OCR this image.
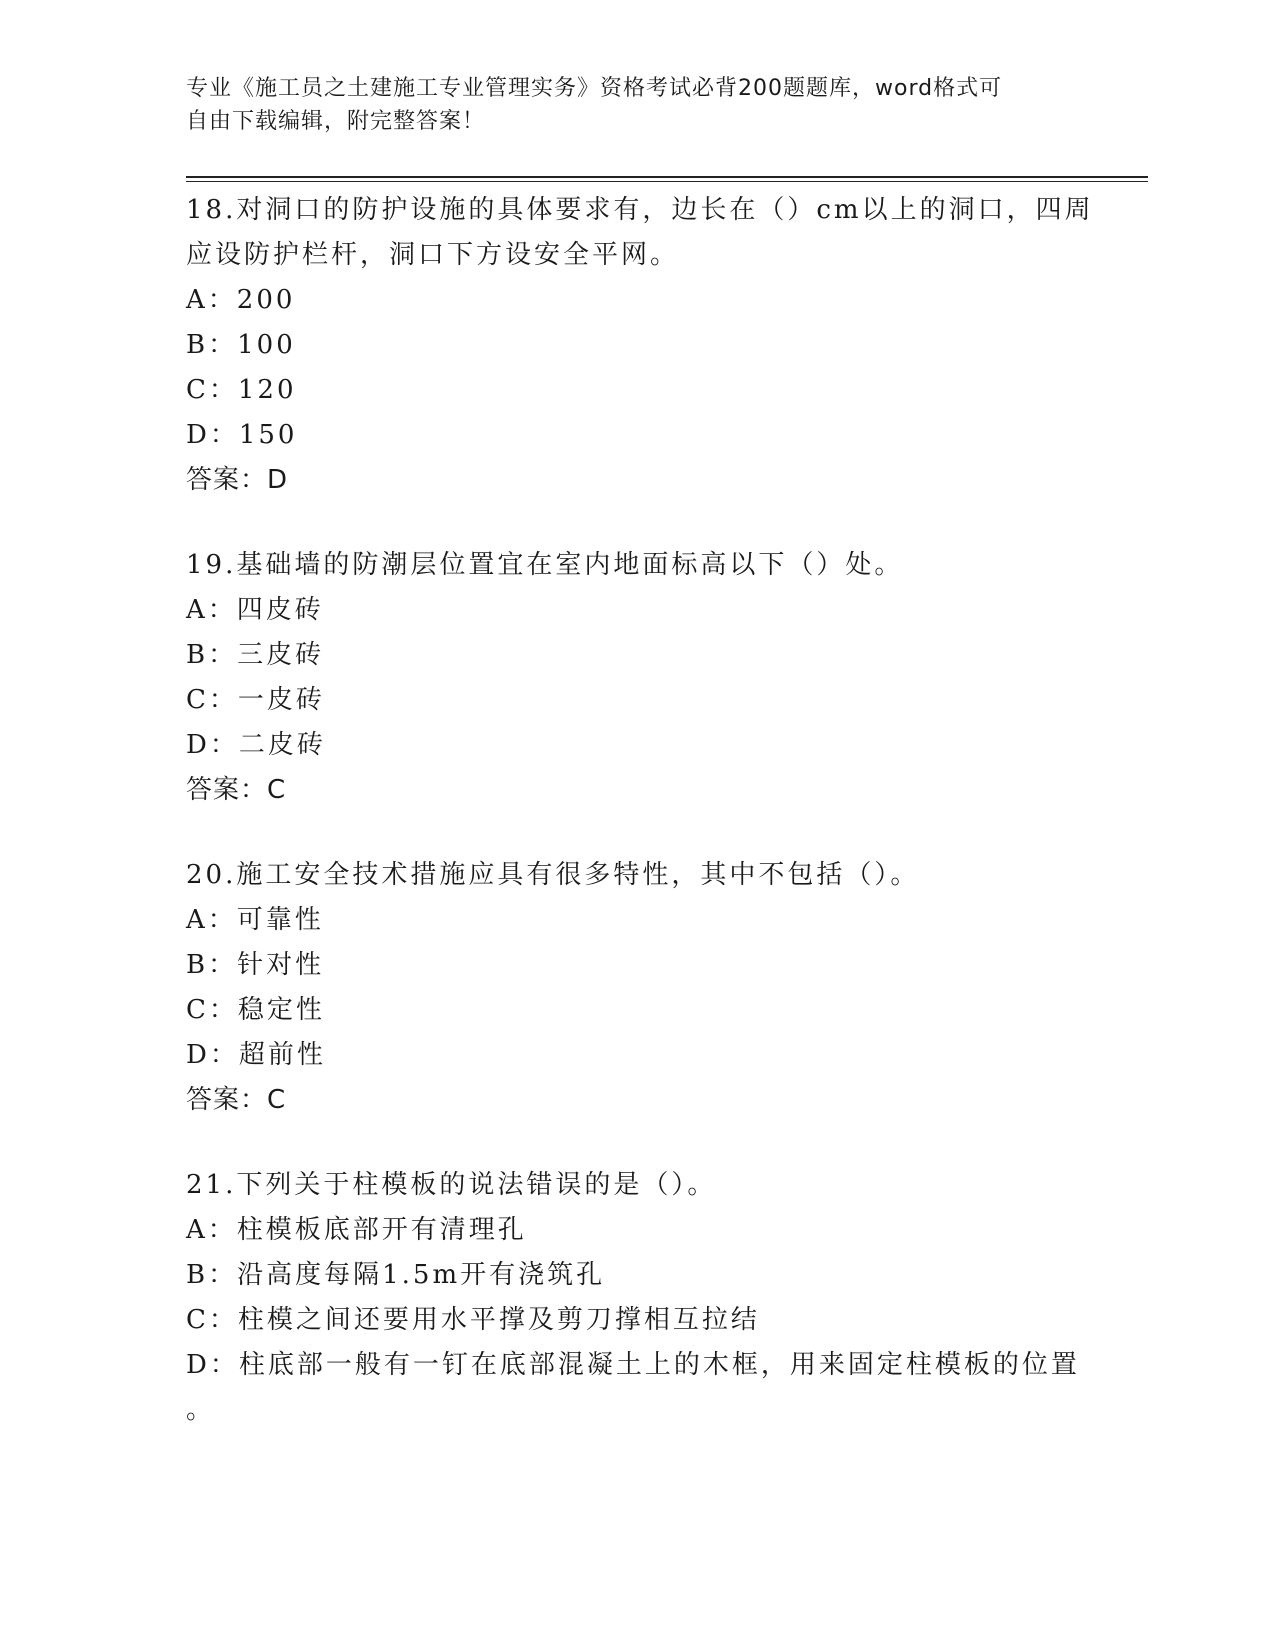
专业《施工员之土建施工专业管理实务》资格考试必背200题题库，word格式可
自由下载编辑，附完整答案！
18.对洞口的防护设施的具体要求有，边长在（）cm以上的洞口，四周
应设防护栏杆，洞口下方设安全平网。
A：200
B：100
C：120
D：150
答案：D
19.基础墙的防潮层位置宜在室内地面标高以下（）处。
A：四皮砖
B：三皮砖
C：一皮砖
D：二皮砖
答案：C
20.施工安全技术措施应具有很多特性，其中不包括（）。
A：可靠性
B：针对性
C：稳定性
D：超前性
答案：C
21.下列关于柱模板的说法错误的是（）。
A：柱模板底部开有清理孔
B：沿高度每隔1.5m开有浇筑孔
C：柱模之间还要用水平撑及剪刀撑相互拉结
D：柱底部一般有一钉在底部混凝土上的木框，用来固定柱模板的位置
。
